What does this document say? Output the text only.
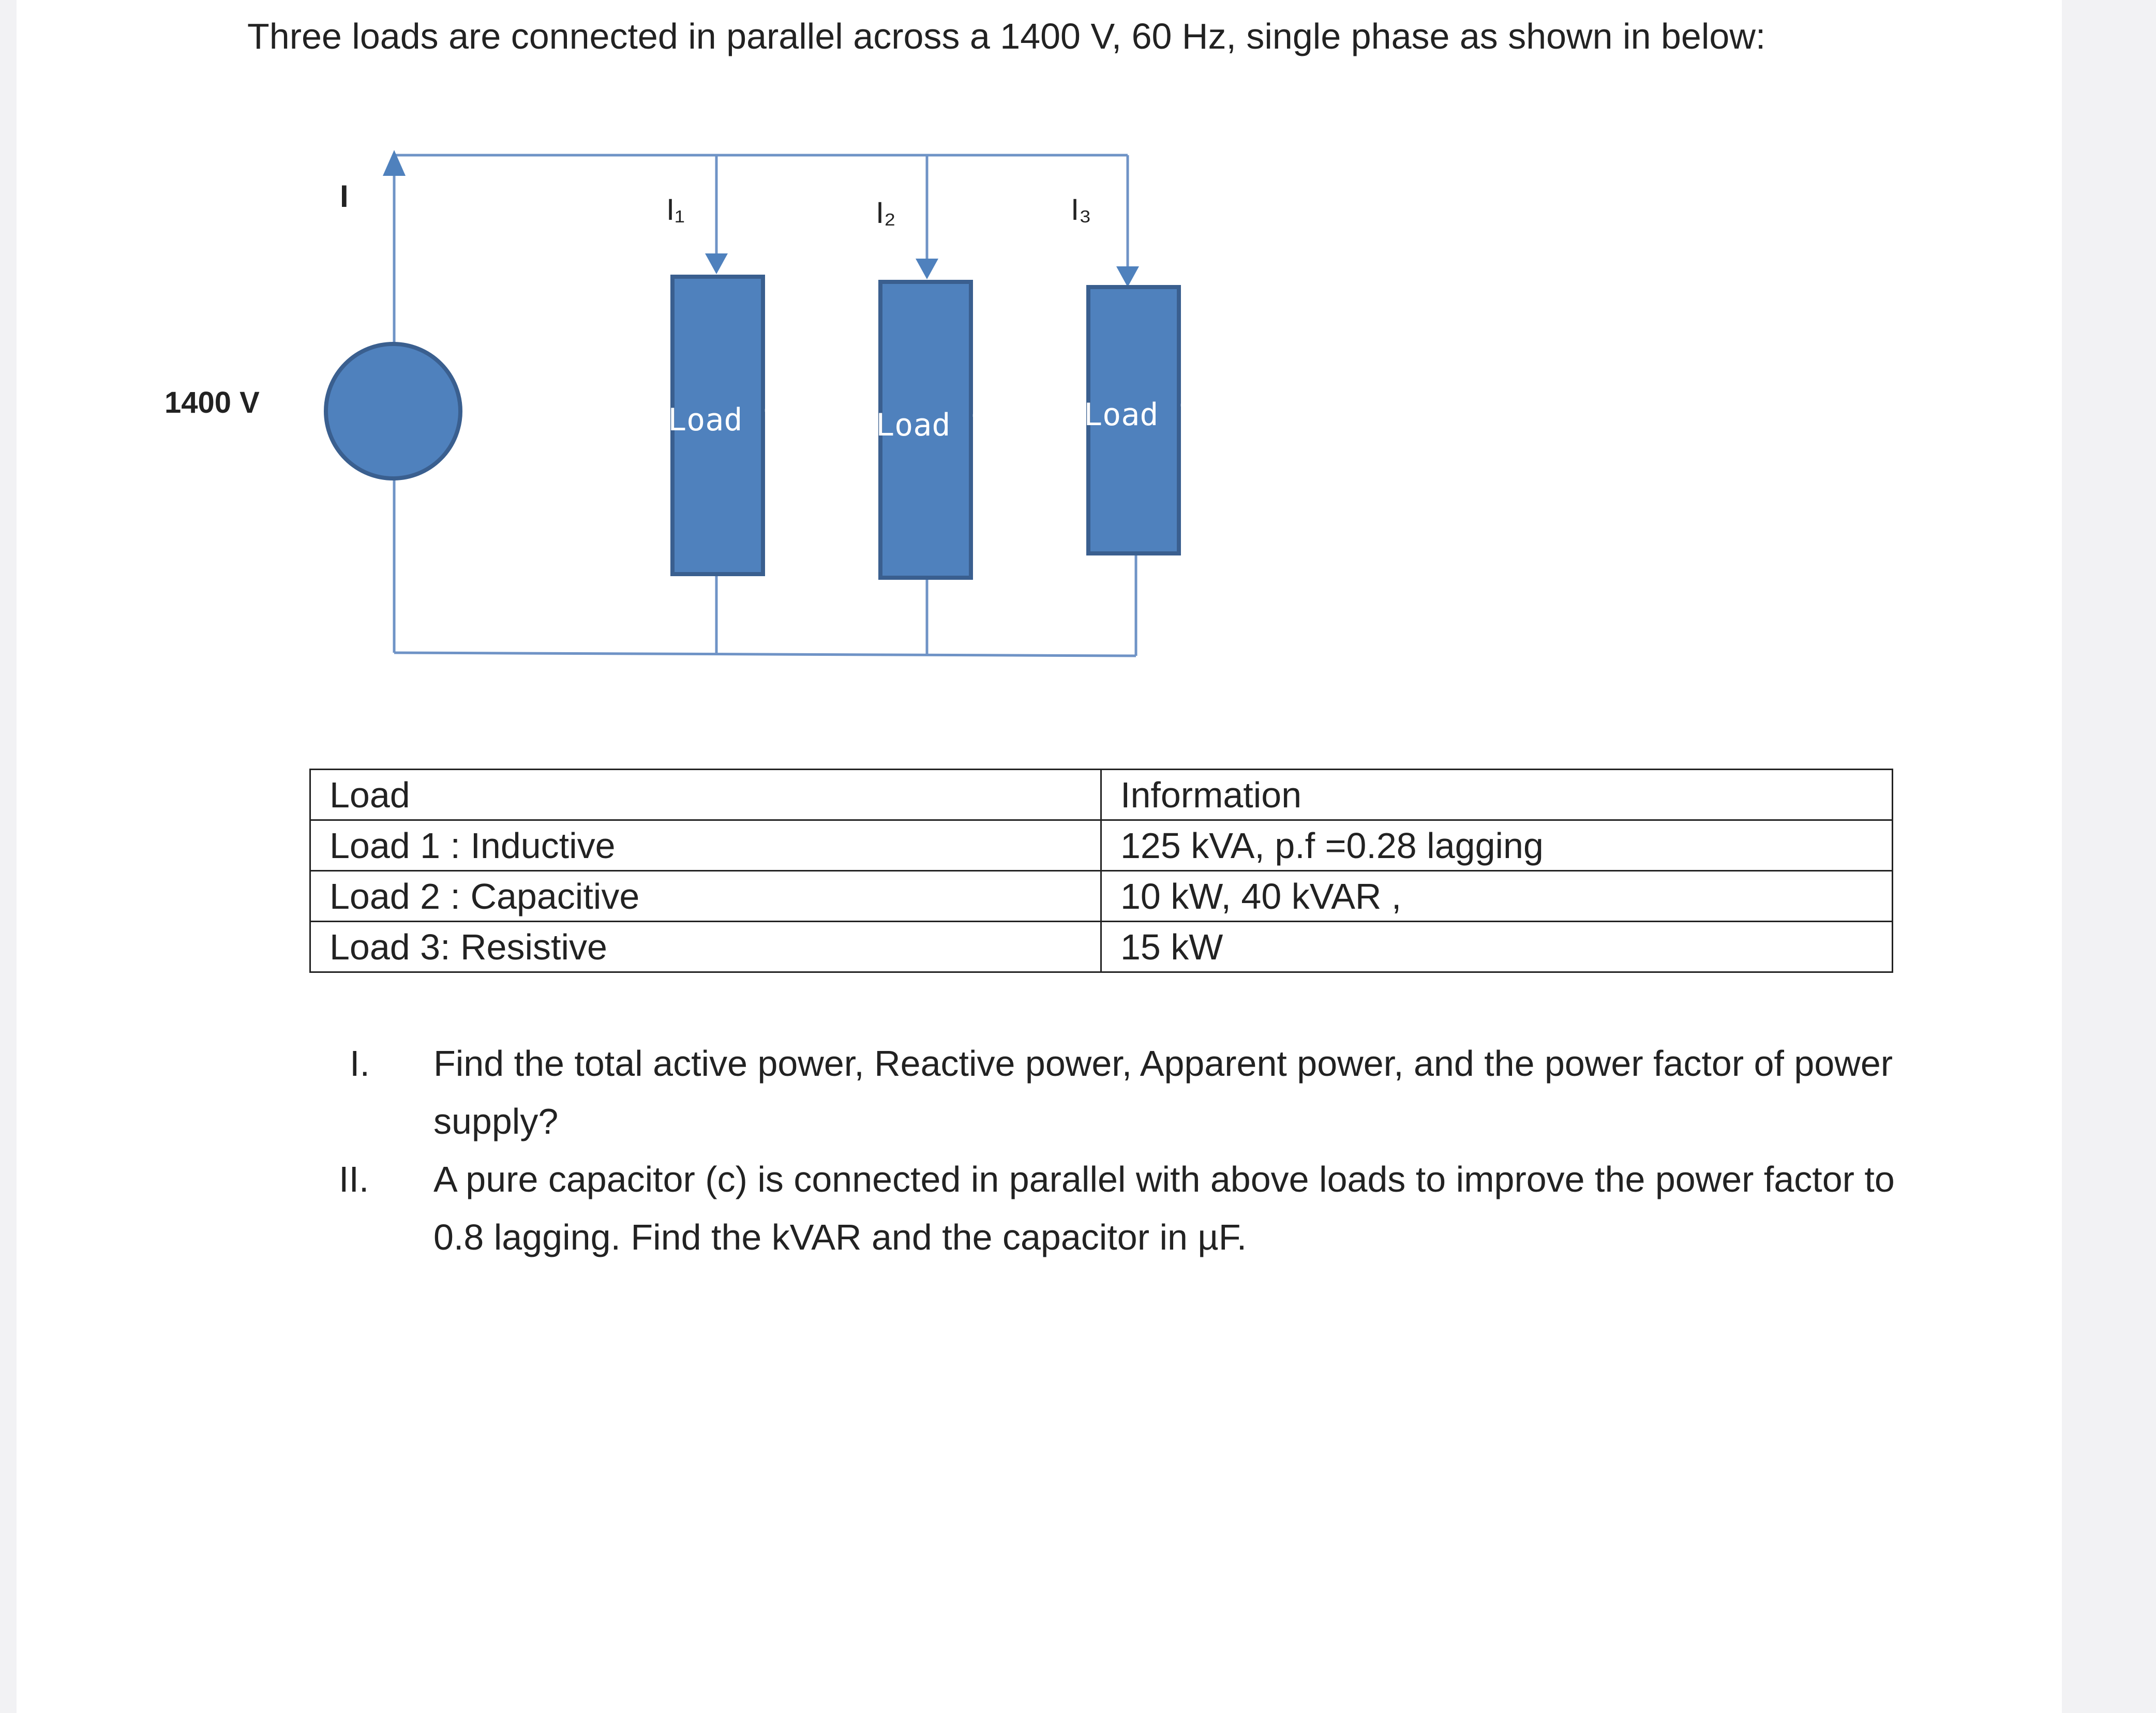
Three loads are connected in parallel across a 1400 V, 60 Hz, single phase as shown in below:
I	I₁	I₂	I₃
1400 V	Load 1	Load 1	Load 1
Load	Information
Load 1 : Inductive	125 kVA, p.f =0.28 lagging
Load 2 : Capacitive	10 kW, 40 kVAR ,
Load 3: Resistive	15 kW
I. Find the total active power, Reactive power, Apparent power, and the power factor of power supply?
II. A pure capacitor (c) is connected in parallel with above loads to improve the power factor to 0.8 lagging. Find the kVAR and the capacitor in µF.
